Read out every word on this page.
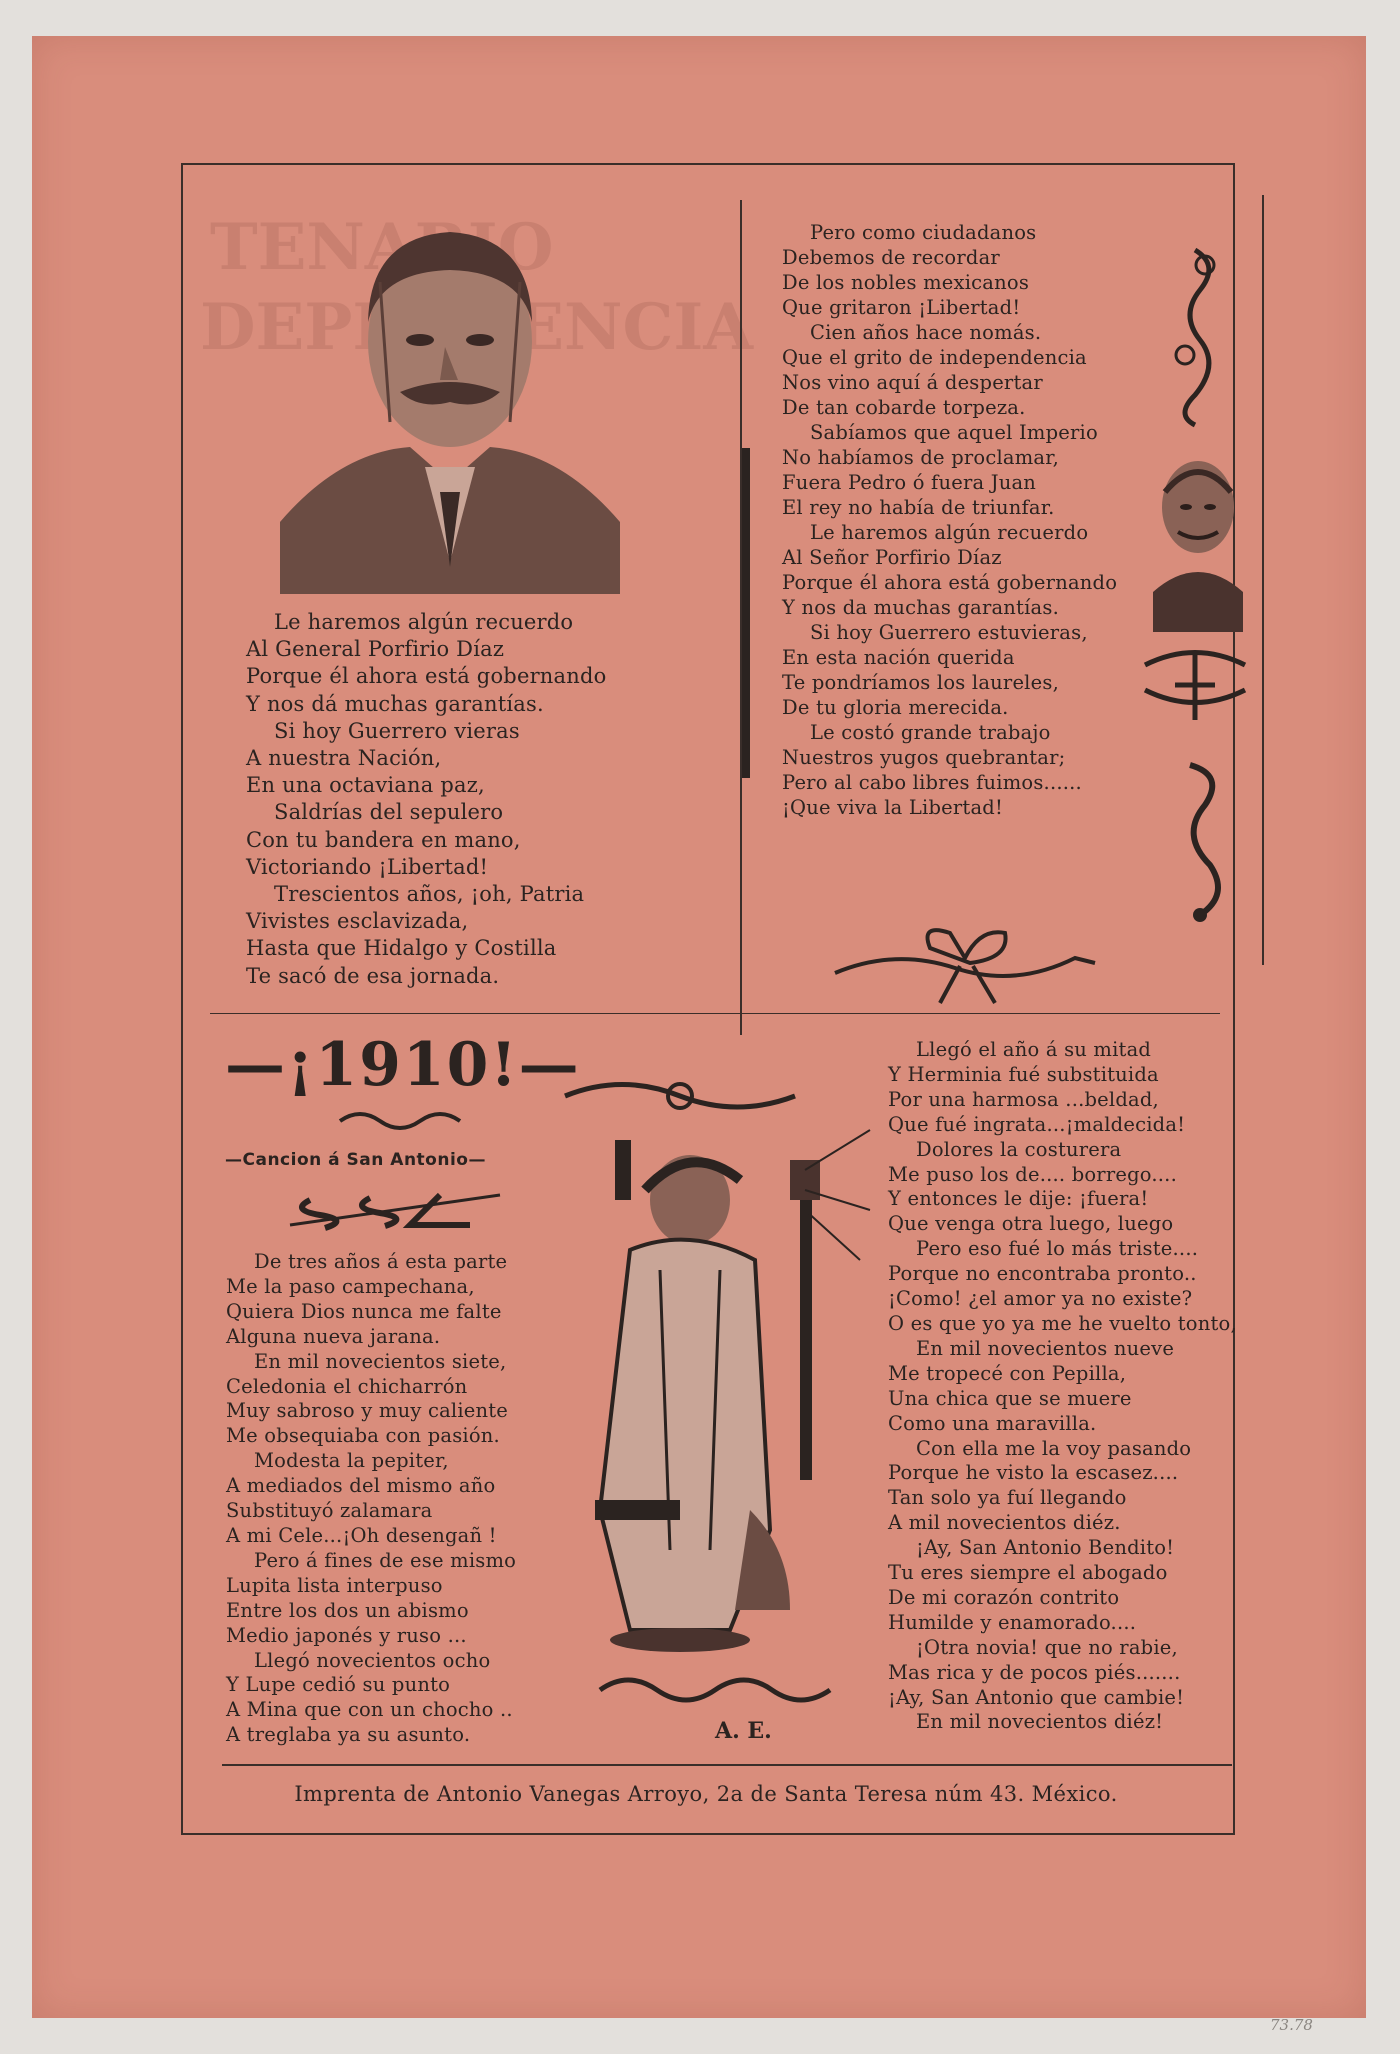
Le haremos algún recuerdo
Al General Porfirio Díaz
Porque él ahora está gobernando
Y nos dá muchas garantías.
Si hoy Guerrero vieras
A nuestra Nación,
En una octaviana paz,
Saldrías del sepulero
Con tu bandera en mano,
Victoriando ¡Libertad!
Trescientos años, ¡oh, Patria
Vivistes esclavizada,
Hasta que Hidalgo y Costilla
Te sacó de esa jornada.
Pero como ciudadanos
Debemos de recordar
De los nobles mexicanos
Que gritaron ¡Libertad!
Cien años hace nomás.
Que el grito de independencia
Nos vino aquí á despertar
De tan cobarde torpeza.
Sabíamos que aquel Imperio
No habíamos de proclamar,
Fuera Pedro ó fuera Juan
El rey no había de triunfar.
Le haremos algún recuerdo
Al Señor Porfirio Díaz
Porque él ahora está gobernando
Y nos da muchas garantías.
Si hoy Guerrero estuvieras,
En esta nación querida
Te pondríamos los laureles,
De tu gloria merecida.
Le costó grande trabajo
Nuestros yugos quebrantar;
Pero al cabo libres fuimos......
¡Que viva la Libertad!
—¡1910!—
—Cancion á San Antonio—
A. E.
De tres años á esta parte
Me la paso campechana,
Quiera Dios nunca me falte
Alguna nueva jarana.
En mil novecientos siete,
Celedonia el chicharrón
Muy sabroso y muy caliente
Me obsequiaba con pasión.
Modesta la pepiter,
A mediados del mismo año
Substituyó zalamara
A mi Cele...¡Oh desengañ !
Pero á fines de ese mismo
Lupita lista interpuso
Entre los dos un abismo
Medio japonés y ruso ...
Llegó novecientos ocho
Y Lupe cedió su punto
A Mina que con un chocho ..
A treglaba ya su asunto.
Llegó el año á su mitad
Y Herminia fué substituida
Por una harmosa ...beldad,
Que fué ingrata...¡maldecida!
Dolores la costurera
Me puso los de.... borrego....
Y entonces le dije: ¡fuera!
Que venga otra luego, luego
Pero eso fué lo más triste....
Porque no encontraba pronto..
¡Como! ¿el amor ya no existe?
O es que yo ya me he vuelto tonto,
En mil novecientos nueve
Me tropecé con Pepilla,
Una chica que se muere
Como una maravilla.
Con ella me la voy pasando
Porque he visto la escasez....
Tan solo ya fuí llegando
A mil novecientos diéz.
¡Ay, San Antonio Bendito!
Tu eres siempre el abogado
De mi corazón contrito
Humilde y enamorado....
¡Otra novia! que no rabie,
Mas rica y de pocos piés.......
¡Ay, San Antonio que cambie!
En mil novecientos diéz!
Imprenta de Antonio Vanegas Arroyo, 2a de Santa Teresa núm 43. México.
73.78
